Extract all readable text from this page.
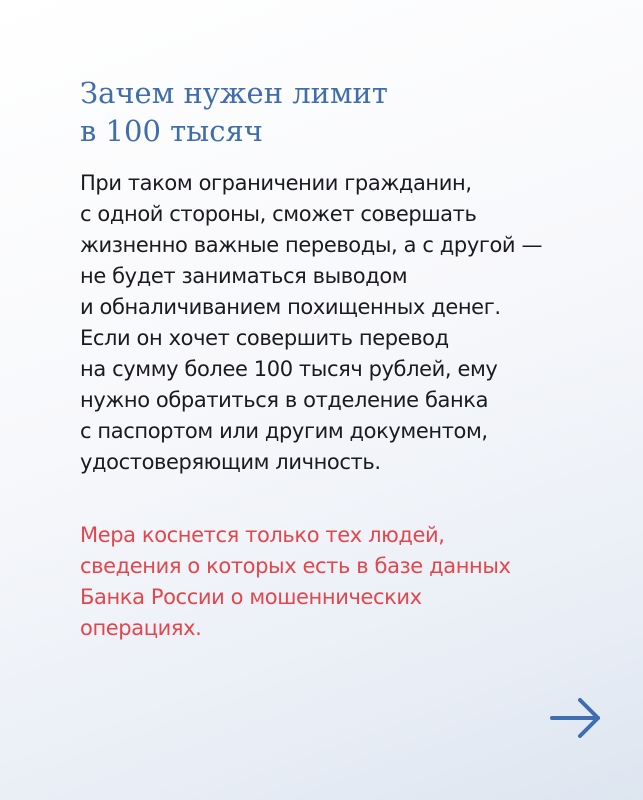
Зачем нужен лимит
в 100 тысяч

При таком ограничении гражданин,
с одной стороны, сможет совершать
жизненно важные переводы, а с другой —
не будет заниматься выводом
и обналичиванием похищенных денег.
Если он хочет совершить перевод
на сумму более 100 тысяч рублей, ему
нужно обратиться в отделение банка
с паспортом или другим документом,
удостоверяющим личность.

Мера коснется только тех людей,
сведения о которых есть в базе данных
Банка России о мошеннических
операциях.
